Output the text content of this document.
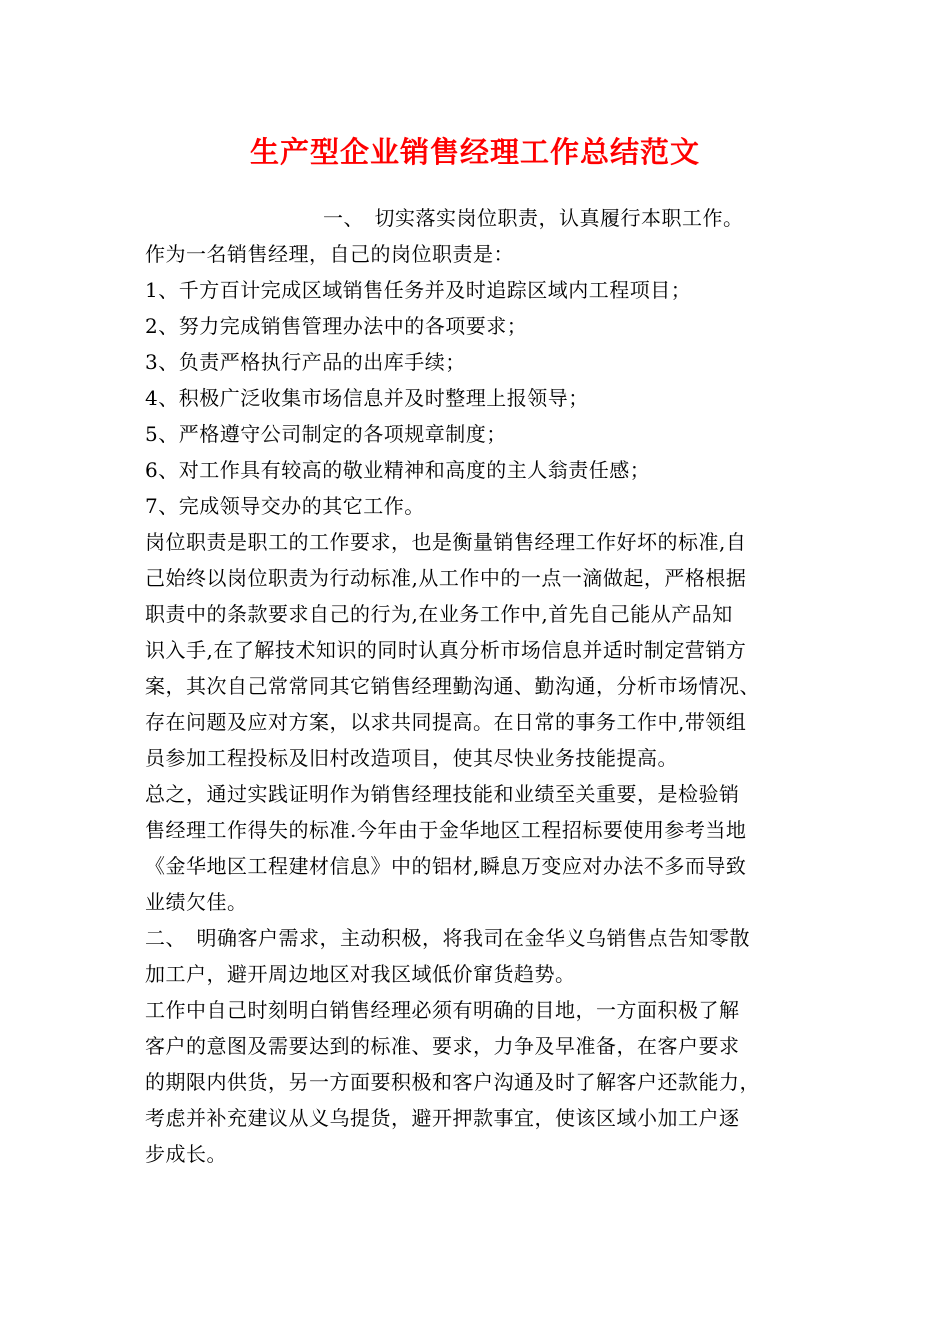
生产型企业销售经理工作总结范文
一、　切实落实岗位职责，认真履行本职工作。
作为一名销售经理，自己的岗位职责是：
1、千方百计完成区域销售任务并及时追踪区域内工程项目；
2、努力完成销售管理办法中的各项要求；
3、负责严格执行产品的出库手续；
4、积极广泛收集市场信息并及时整理上报领导；
5、严格遵守公司制定的各项规章制度；
6、对工作具有较高的敬业精神和高度的主人翁责任感；
7、完成领导交办的其它工作。
岗位职责是职工的工作要求，也是衡量销售经理工作好坏的标准,自
己始终以岗位职责为行动标准,从工作中的一点一滴做起，严格根据
职责中的条款要求自己的行为,在业务工作中,首先自己能从产品知
识入手,在了解技术知识的同时认真分析市场信息并适时制定营销方
案，其次自己常常同其它销售经理勤沟通、勤沟通，分析市场情况、
存在问题及应对方案，以求共同提高。在日常的事务工作中,带领组
员参加工程投标及旧村改造项目，使其尽快业务技能提高。
总之，通过实践证明作为销售经理技能和业绩至关重要，是检验销
售经理工作得失的标准.今年由于金华地区工程招标要使用参考当地
《金华地区工程建材信息》中的铝材,瞬息万变应对办法不多而导致
业绩欠佳。
二、　明确客户需求，主动积极，将我司在金华义乌销售点告知零散
加工户，避开周边地区对我区域低价窜货趋势。
工作中自己时刻明白销售经理必须有明确的目地，一方面积极了解
客户的意图及需要达到的标准、要求，力争及早准备，在客户要求
的期限内供货，另一方面要积极和客户沟通及时了解客户还款能力，
考虑并补充建议从义乌提货，避开押款事宜，使该区域小加工户逐
步成长。
